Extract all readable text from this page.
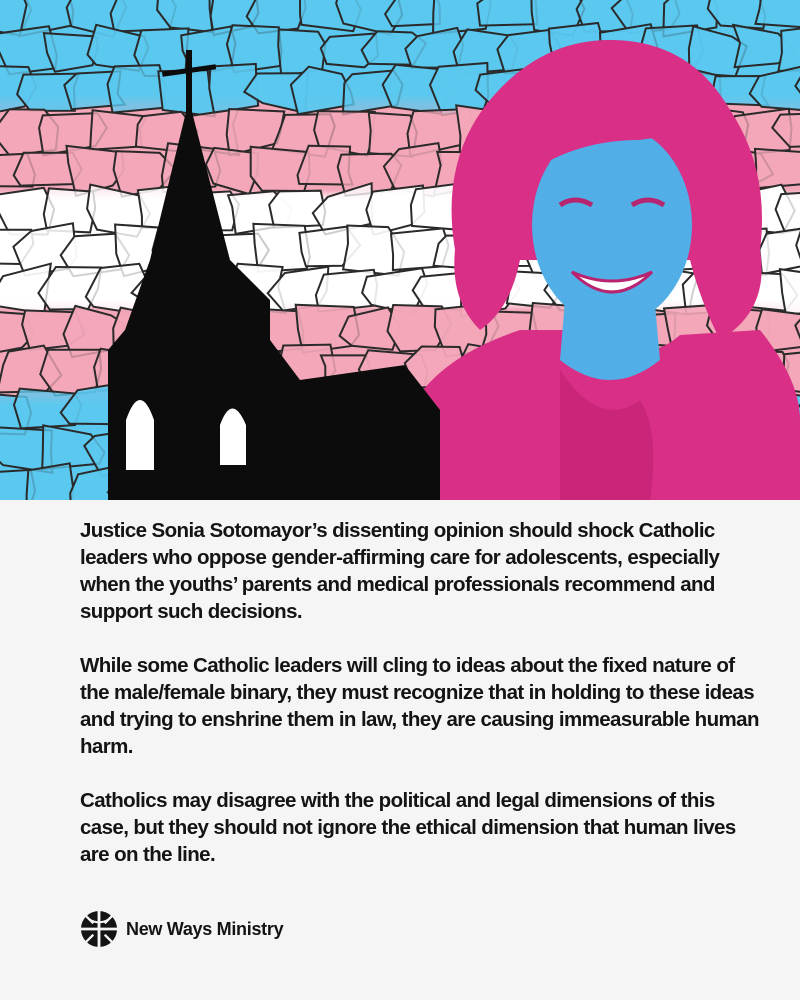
Justice Sonia Sotomayor’s dissenting opinion should shock Catholic leaders who oppose gender-affirming care for adolescents, especially when the youths’ parents and medical professionals recommend and support such decisions.

While some Catholic leaders will cling to ideas about the fixed nature of the male/female binary, they must recognize that in holding to these ideas and trying to enshrine them in law, they are causing immeasurable human harm.

Catholics may disagree with the political and legal dimensions of this case, but they should not ignore the ethical dimension that human lives are on the line.

New Ways Ministry
